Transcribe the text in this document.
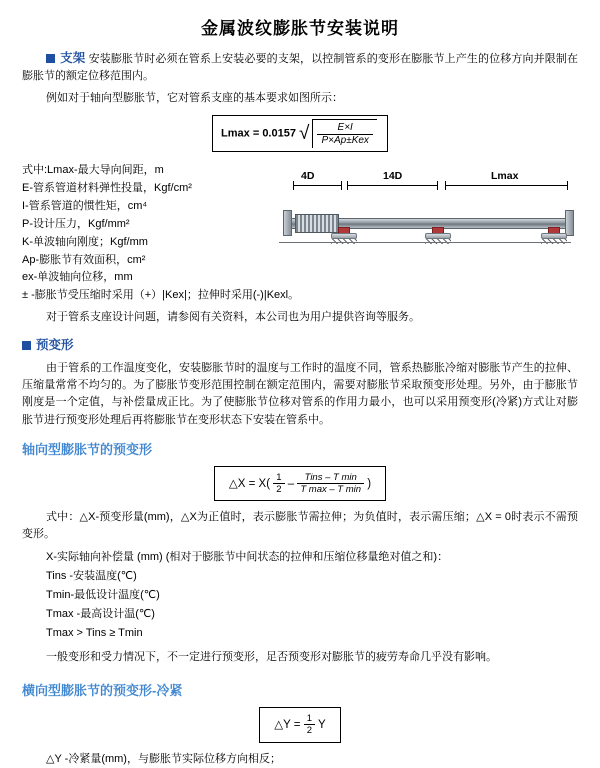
金属波纹膨胀节安装说明

支架 安装膨胀节时必须在管系上安装必要的支架，以控制管系的变形在膨胀节上产生的位移方向并限制在膨胀节的额定位移范围内。

例如对于轴向型膨胀节，它对管系支座的基本要求如图所示：

Lmax = 0.0157 √ $\frac{E\times I}{\text{P×Ap±Kex}}$
式中:Lmax-最大导向间距，m
E-管系管道材料弹性投量，Kgf/cm²
I-管系管道的惯性矩，cm⁴
P-设计压力，Kgf/mm²
K-单波轴向刚度；Kgf/mm
Ap-膨胀节有效面积，cm²
ex-单波轴向位移，mm
± -膨胀节受压缩时采用（+）|Kex|；拉伸时采用(-)|Kexl。
4D	14D	Lmax

对于管系支座设计问题，请参阅有关资料，本公司也为用户提供咨询等服务。

预变形

由于管系的工作温度变化，安装膨胀节时的温度与工作时的温度不同，管系热膨胀冷缩对膨胀节产生的拉伸、压缩量常常不均匀的。为了膨胀节变形范围控制在额定范围内，需要对膨胀节采取预变形处理。另外，由于膨胀节刚度是一个定值，与补偿量成正比。为了使膨胀节位移对管系的作用力最小，也可以采用预变形(冷紧)方式让对膨胀节进行预变形处理后再将膨胀节在变形状态下安装在管系中。

轴向型膨胀节的预变形
△X = $X( \frac{1}{2} - \frac{\text{Tins – T min}}{\text{T max – T min}}$ )

式中：△X-预变形量(mm)，△X为正值时，表示膨胀节需拉伸；为负值时，表示需压缩；△X = 0时表示不需预变形。

X-实际轴向补偿量 (mm) (相对于膨胀节中间状态的拉伸和压缩位移量绝对值之和)：
Tins -安装温度(℃)
Tmin-最低设计温度(℃)
Tmax -最高设计温(℃)
Tmax > Tins ≥ Tmin

一般变形和受力情况下，不一定进行预变形，足否预变形对膨胀节的疲劳寿命几乎没有影响。

横向型膨胀节的预变形-冷紧
△Y = $\frac{1}{2}$ Y

△Y -冷紧量(mm)，与膨胀节实际位移方向相反；
